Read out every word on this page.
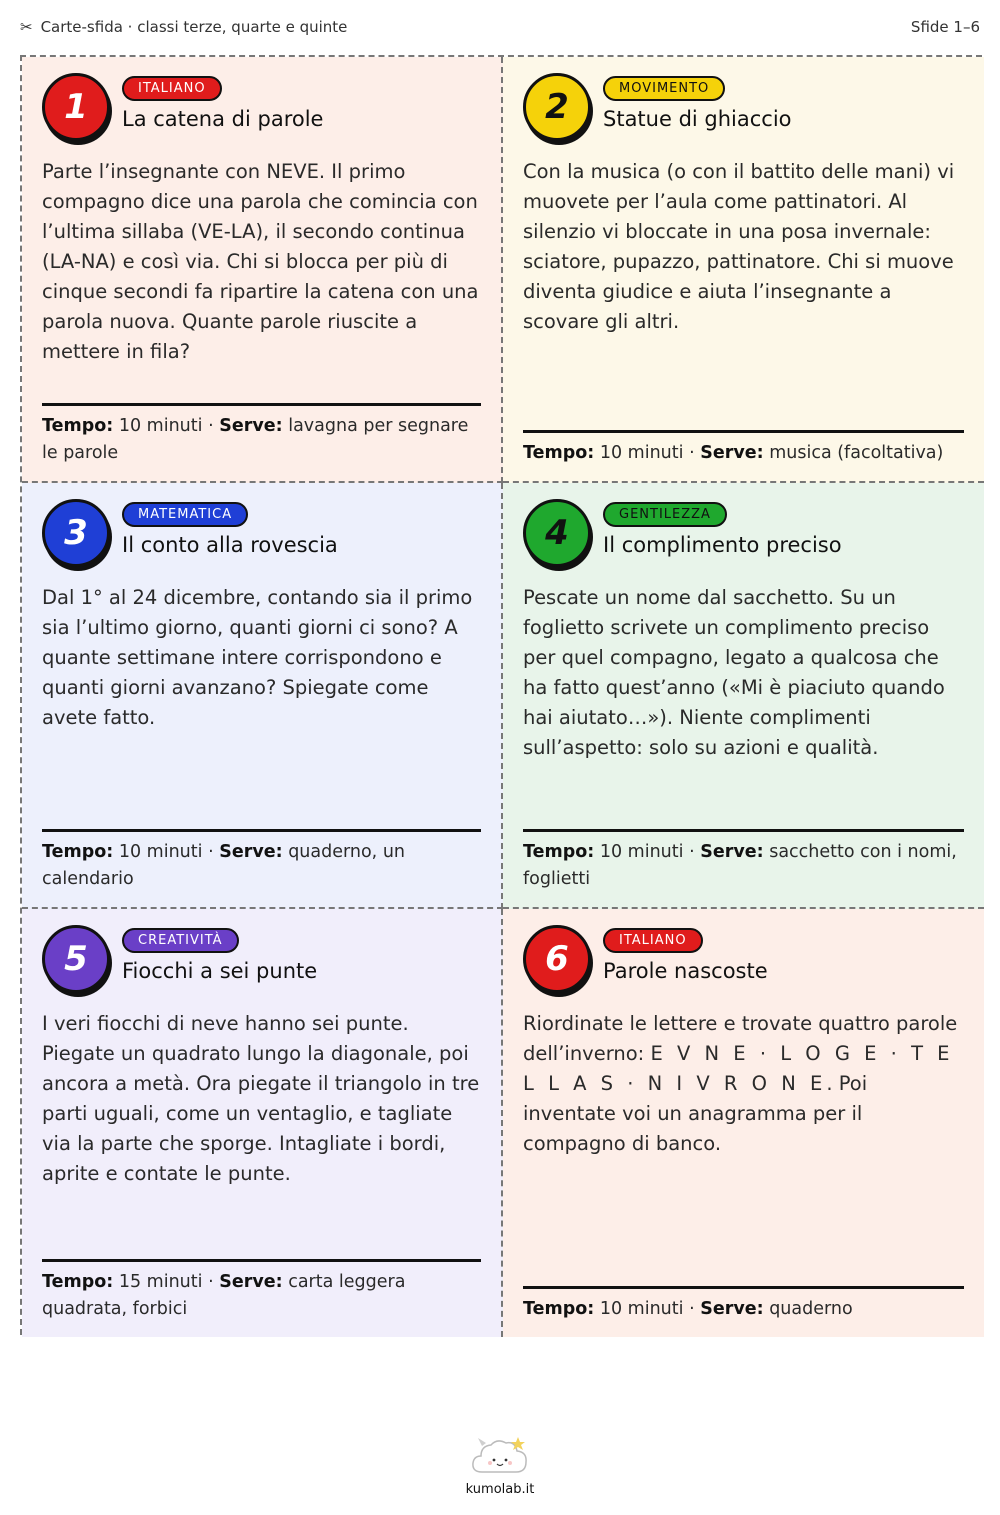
✂ Carte-sfida · classi terze, quarte e quinte	Sfide 1–6
1	ITALIANO
La catena di parole
Parte l’insegnante con NEVE. Il primo compagno dice una parola che comincia con l’ultima sillaba (VE-LA), il secondo continua (LA-NA) e così via. Chi si blocca per più di cinque secondi fa ripartire la catena con una parola nuova. Quante parole riuscite a mettere in fila?
Tempo: 10 minuti · Serve: lavagna per segnare le parole
2	MOVIMENTO
Statue di ghiaccio
Con la musica (o con il battito delle mani) vi muovete per l’aula come pattinatori. Al silenzio vi bloccate in una posa invernale: sciatore, pupazzo, pattinatore. Chi si muove diventa giudice e aiuta l’insegnante a scovare gli altri.
Tempo: 10 minuti · Serve: musica (facoltativa)
3	MATEMATICA
Il conto alla rovescia
Dal 1° al 24 dicembre, contando sia il primo sia l’ultimo giorno, quanti giorni ci sono? A quante settimane intere corrispondono e quanti giorni avanzano? Spiegate come avete fatto.
Tempo: 10 minuti · Serve: quaderno, un calendario
4	GENTILEZZA
Il complimento preciso
Pescate un nome dal sacchetto. Su un foglietto scrivete un complimento preciso per quel compagno, legato a qualcosa che ha fatto quest’anno («Mi è piaciuto quando hai aiutato…»). Niente complimenti sull’aspetto: solo su azioni e qualità.
Tempo: 10 minuti · Serve: sacchetto con i nomi, foglietti
5	CREATIVITÀ
Fiocchi a sei punte
I veri fiocchi di neve hanno sei punte. Piegate un quadrato lungo la diagonale, poi ancora a metà. Ora piegate il triangolo in tre parti uguali, come un ventaglio, e tagliate via la parte che sporge. Intagliate i bordi, aprite e contate le punte.
Tempo: 15 minuti · Serve: carta leggera quadrata, forbici
6	ITALIANO
Parole nascoste
Riordinate le lettere e trovate quattro parole dell’inverno: E V N E · L O G E · T E L L A S · N I V R O N E. Poi inventate voi un anagramma per il compagno di banco.
Tempo: 10 minuti · Serve: quaderno
kumolab.it
